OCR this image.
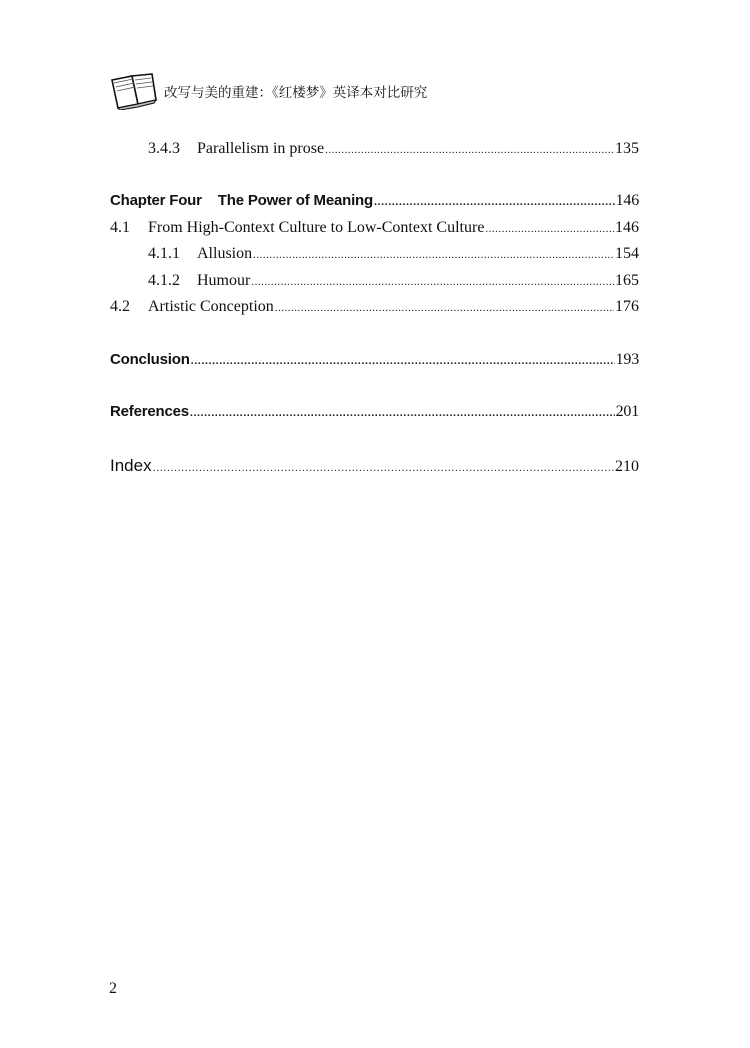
改写与美的重建：《红楼梦》英译本对比研究
3.4.3	Parallelism in prose .....	135
Chapter Four The Power of Meaning .....	146
4.1	From High-Context Culture to Low-Context Culture .....	146
4.1.1	Allusion .....	154
4.1.2	Humour .....	165
4.2	Artistic Conception .....	176
Conclusion .....	193
References .....	201
Index .....	210
2
